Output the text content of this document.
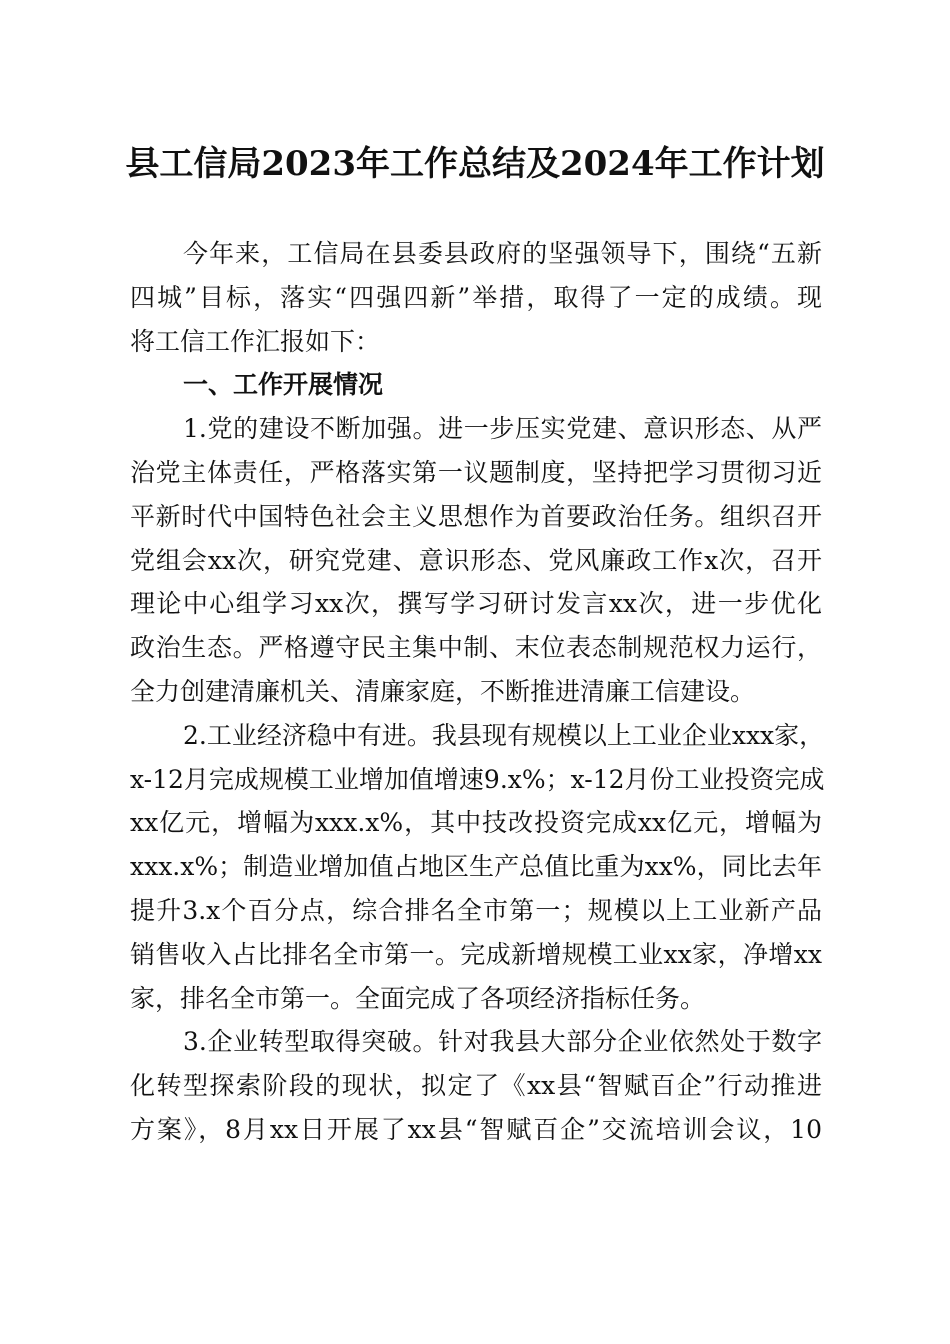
县工信局2023年工作总结及2024年工作计划
今年来，工信局在县委县政府的坚强领导下，围绕“五新
四城”目标，落实“四强四新”举措，取得了一定的成绩。现
将工信工作汇报如下：
一、工作开展情况
1.党的建设不断加强。进一步压实党建、意识形态、从严
治党主体责任，严格落实第一议题制度，坚持把学习贯彻习近
平新时代中国特色社会主义思想作为首要政治任务。组织召开
党组会xx次，研究党建、意识形态、党风廉政工作x次，召开
理论中心组学习xx次，撰写学习研讨发言xx次，进一步优化
政治生态。严格遵守民主集中制、末位表态制规范权力运行，
全力创建清廉机关、清廉家庭，不断推进清廉工信建设。
2.工业经济稳中有进。我县现有规模以上工业企业xxx家，
x-12月完成规模工业增加值增速9.x%；x-12月份工业投资完成
xx亿元，增幅为xxx.x%，其中技改投资完成xx亿元，增幅为
xxx.x%；制造业增加值占地区生产总值比重为xx%，同比去年
提升3.x个百分点，综合排名全市第一；规模以上工业新产品
销售收入占比排名全市第一。完成新增规模工业xx家，净增xx
家，排名全市第一。全面完成了各项经济指标任务。
3.企业转型取得突破。针对我县大部分企业依然处于数字
化转型探索阶段的现状，拟定了《xx县“智赋百企”行动推进
方案》，8月xx日开展了xx县“智赋百企”交流培训会议，10
